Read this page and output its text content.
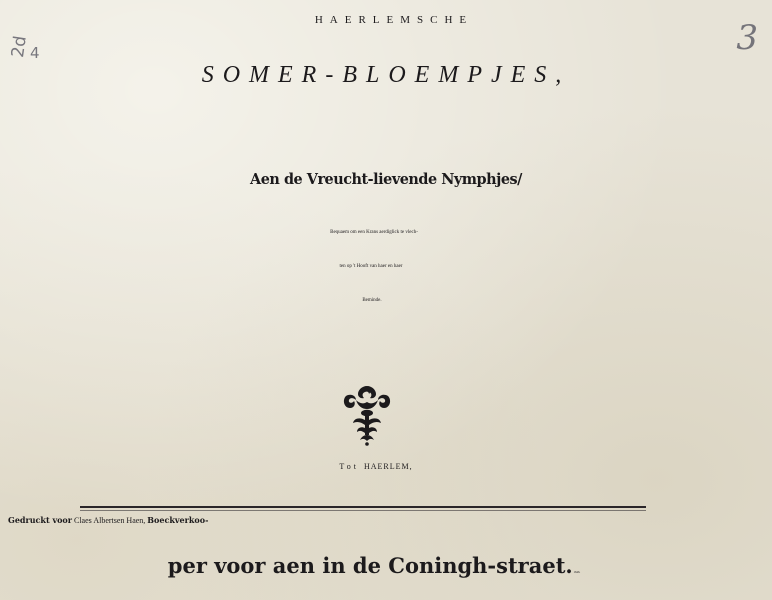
2d 4	3

HAERLEMSCHE

SOMER-BLOEMPJES,

Aen de Vreucht-lievende Nymphjes/

Bequaem om een Krans aerdiglick te vlech-

ten op 't Hooft van haer en haer

Beminde.

Tot HAERLEM,

Gedruckt voor Claes Albertsen Haen, Boeckverkoo-

per voor aen in de Coningh-straet. 1646.
